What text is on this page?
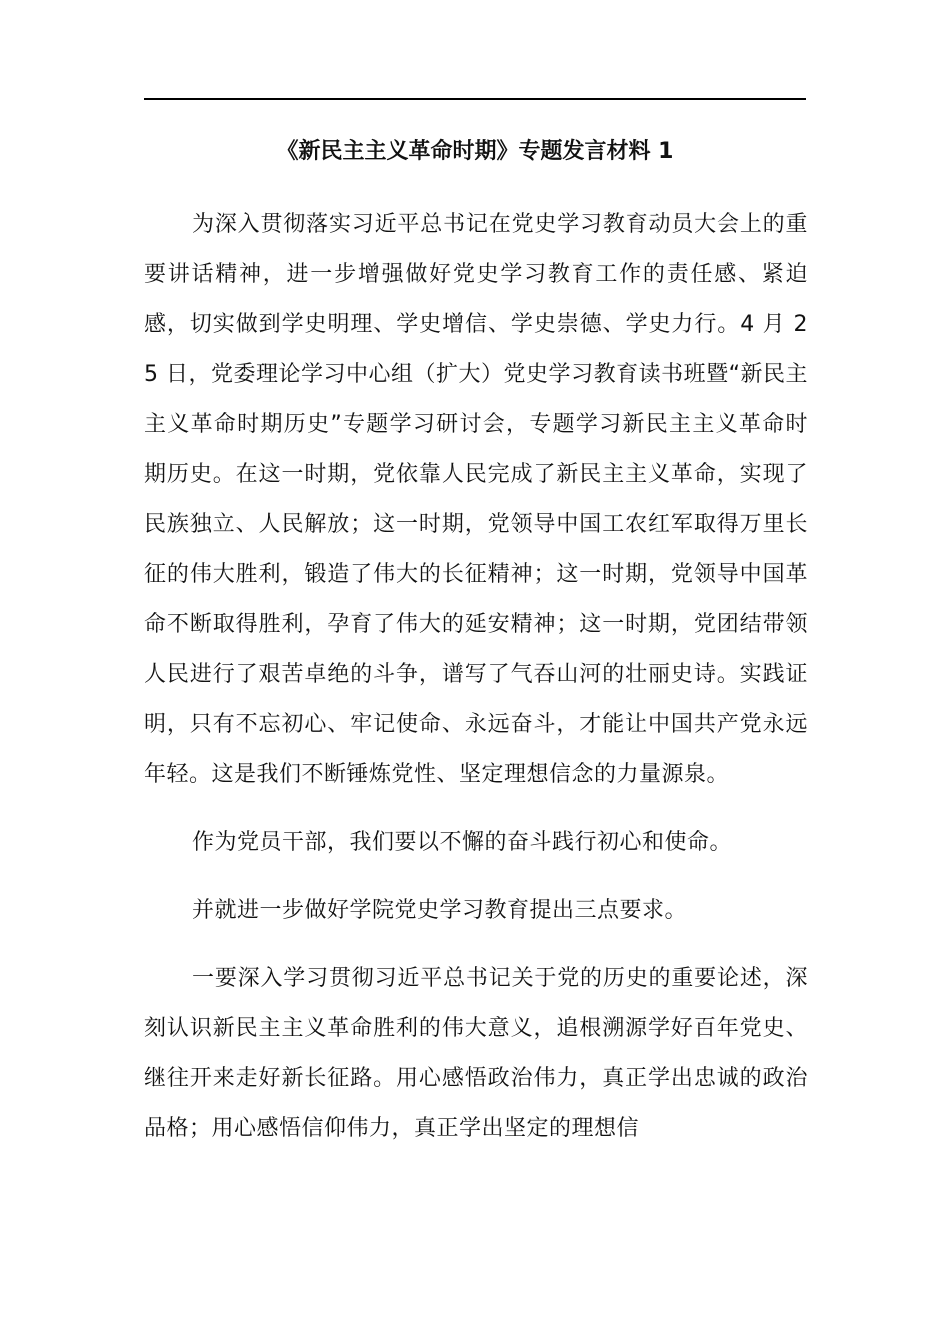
《新民主主义革命时期》专题发言材料 1

为深入贯彻落实习近平总书记在党史学习教育动员大会上的重要讲话精神，进一步增强做好党史学习教育工作的责任感、紧迫感，切实做到学史明理、学史增信、学史崇德、学史力行。4 月 25 日，党委理论学习中心组（扩大）党史学习教育读书班暨“新民主主义革命时期历史”专题学习研讨会，专题学习新民主主义革命时期历史。在这一时期，党依靠人民完成了新民主主义革命，实现了民族独立、人民解放；这一时期，党领导中国工农红军取得万里长征的伟大胜利，锻造了伟大的长征精神；这一时期，党领导中国革命不断取得胜利，孕育了伟大的延安精神；这一时期，党团结带领人民进行了艰苦卓绝的斗争，谱写了气吞山河的壮丽史诗。实践证明，只有不忘初心、牢记使命、永远奋斗，才能让中国共产党永远年轻。这是我们不断锤炼党性、坚定理想信念的力量源泉。

作为党员干部，我们要以不懈的奋斗践行初心和使命。

并就进一步做好学院党史学习教育提出三点要求。

一要深入学习贯彻习近平总书记关于党的历史的重要论述，深刻认识新民主主义革命胜利的伟大意义，追根溯源学好百年党史、继往开来走好新长征路。用心感悟政治伟力，真正学出忠诚的政治品格；用心感悟信仰伟力，真正学出坚定的理想信
